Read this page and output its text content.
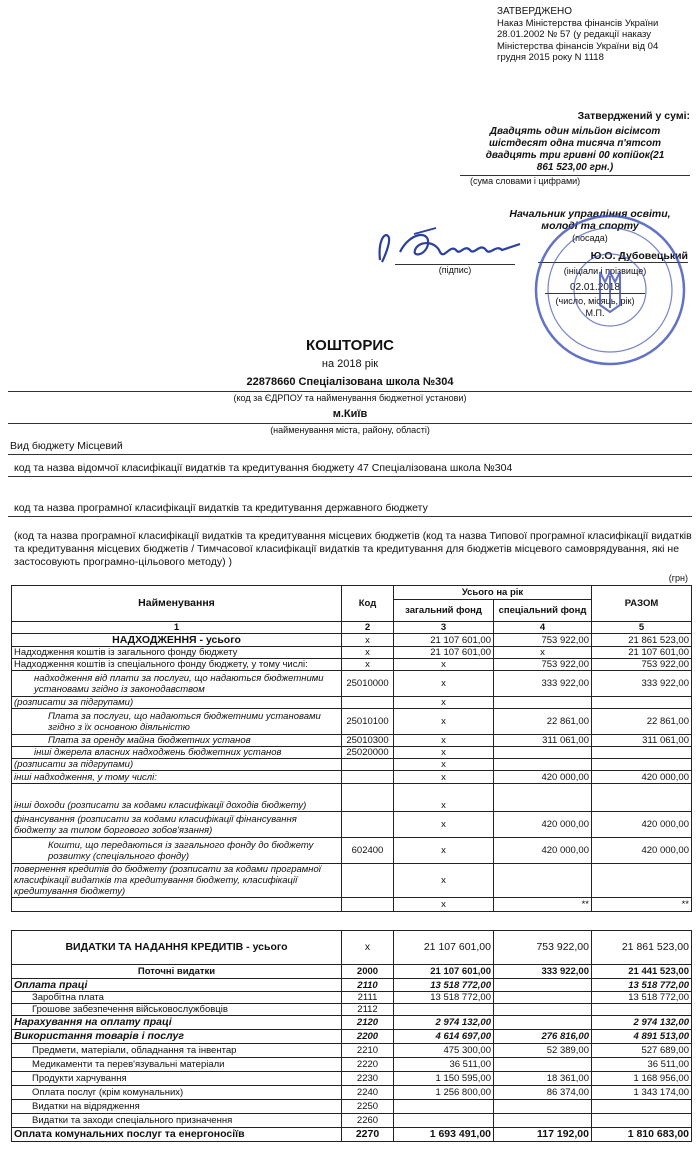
ЗАТВЕРДЖЕНО
Наказ Міністерства фінансів України
28.01.2002 № 57 (у редакції наказу
Міністерства фінансів України від 04
грудня 2015 року N 1118
Затверджений у сумі:
Двадцять один мільйон вісімсот
шістдесят одна тисяча п'ятсот
двадцять три гривні 00 копійок(21
861 523,00 грн.)
(сума словами і цифрами)
Начальник управління освіти,
молоді та спорту
(посада)
Ю.О. Дубовецький
(підпис)	(ініціали і прізвище)
02.01.2018
(число, місяць, рік)
М.П.
КОШТОРИС
на 2018 рік
22878660 Спеціалізована школа №304
(код за ЄДРПОУ та найменування бюджетної установи)
м.Київ
(найменування міста, району, області)
Вид бюджету Місцевий
код та назва відомчої класифікації видатків та кредитування бюджету 47 Спеціалізована школа №304
код та назва програмної класифікації видатків та кредитування державного бюджету
(код та назва програмної класифікації видатків та кредитування місцевих бюджетів (код та назва Типової програмної класифікації видатків та кредитування місцевих бюджетів / Тимчасової класифікації видатків та кредитування для бюджетів місцевого самоврядування, які не застосовують програмно-цільового методу) )
(грн)
Найменування	Код	Усього на рік		РАЗОМ
		загальний фонд	спеціальний фонд	
1	2	3	4	5
НАДХОДЖЕННЯ - усього	х	21 107 601,00	753 922,00	21 861 523,00
Надходження коштів із загального фонду бюджету	х	21 107 601,00	х	21 107 601,00
Надходження коштів із спеціального фонду бюджету, у тому числі:	х	х	753 922,00	753 922,00
надходження від плати за послуги, що надаються бюджетними установами згідно із законодавством	25010000	х	333 922,00	333 922,00
(розписати за підгрупами)		х		
Плата за послуги, що надаються бюджетними установами згідно з їх основною діяльністю	25010100	х	22 861,00	22 861,00
Плата за оренду майна бюджетних установ	25010300	х	311 061,00	311 061,00
інші джерела власних надходжень бюджетних установ	25020000	х		
(розписати за підгрупами)		х		
інші надходження, у тому числі:		х	420 000,00	420 000,00
інші доходи (розписати за кодами класифікації доходів бюджету)		х		
фінансування (розписати за кодами класифікації фінансування бюджету за типом боргового зобов'язання)		х	420 000,00	420 000,00
Кошти, що передаються із загального фонду до бюджету розвитку (спеціального фонду)	602400	х	420 000,00	420 000,00
повернення кредитів до бюджету (розписати за кодами програмної класифікації видатків та кредитування бюджету, класифікації кредитування бюджету)		х		
		х	**	**
ВИДАТКИ ТА НАДАННЯ КРЕДИТІВ - усього	х	21 107 601,00	753 922,00	21 861 523,00
Поточні видатки	2000	21 107 601,00	333 922,00	21 441 523,00
Оплата праці	2110	13 518 772,00		13 518 772,00
Заробітна плата	2111	13 518 772,00		13 518 772,00
Грошове забезпечення військовослужбовців	2112			
Нарахування на оплату праці	2120	2 974 132,00		2 974 132,00
Використання товарів і послуг	2200	4 614 697,00	276 816,00	4 891 513,00
Предмети, матеріали, обладнання та інвентар	2210	475 300,00	52 389,00	527 689,00
Медикаменти та перев'язувальні матеріали	2220	36 511,00		36 511,00
Продукти харчування	2230	1 150 595,00	18 361,00	1 168 956,00
Оплата послуг (крім комунальних)	2240	1 256 800,00	86 374,00	1 343 174,00
Видатки на відрядження	2250			
Видатки та заходи спеціального призначення	2260			
Оплата комунальних послуг та енергоносіїв	2270	1 693 491,00	117 192,00	1 810 683,00
